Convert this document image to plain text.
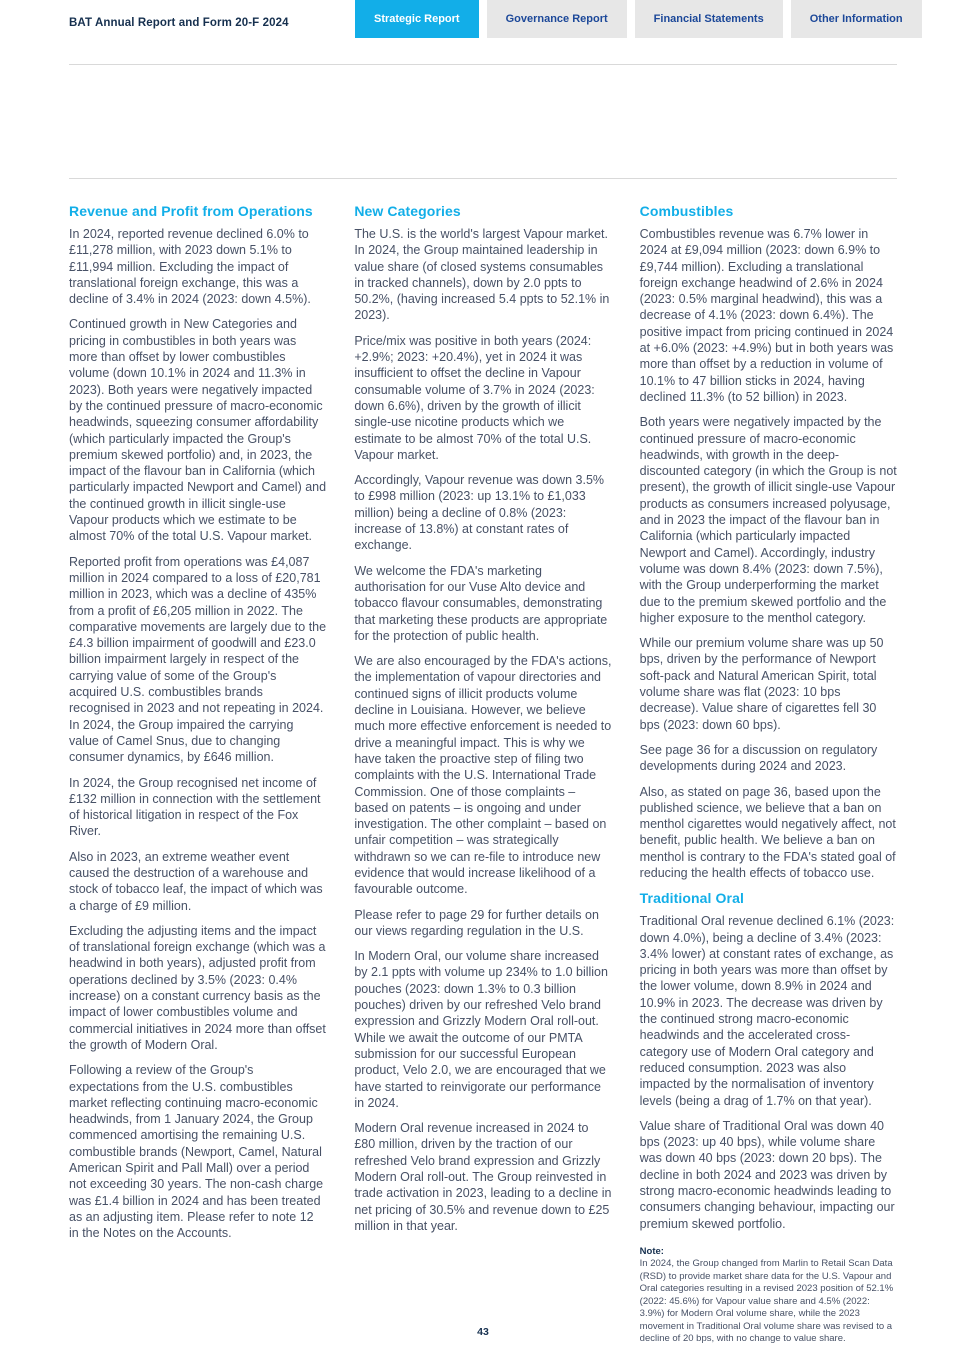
BAT Annual Report and Form 20-F 2024	Strategic Report	Governance Report	Financial Statements	Other Information
Revenue and Profit from Operations

In 2024, reported revenue declined 6.0% to £11,278 million, with 2023 down 5.1% to £11,994 million. Excluding the impact of translational foreign exchange, this was a decline of 3.4% in 2024 (2023: down 4.5%).

Continued growth in New Categories and pricing in combustibles in both years was more than offset by lower combustibles volume (down 10.1% in 2024 and 11.3% in 2023). Both years were negatively impacted by the continued pressure of macro-economic headwinds, squeezing consumer affordability (which particularly impacted the Group's premium skewed portfolio) and, in 2023, the impact of the flavour ban in California (which particularly impacted Newport and Camel) and the continued growth in illicit single-use Vapour products which we estimate to be almost 70% of the total U.S. Vapour market.

Reported profit from operations was £4,087 million in 2024 compared to a loss of £20,781 million in 2023, which was a decline of 435% from a profit of £6,205 million in 2022. The comparative movements are largely due to the £4.3 billion impairment of goodwill and £23.0 billion impairment largely in respect of the carrying value of some of the Group's acquired U.S. combustibles brands recognised in 2023 and not repeating in 2024. In 2024, the Group impaired the carrying value of Camel Snus, due to changing consumer dynamics, by £646 million.

In 2024, the Group recognised net income of £132 million in connection with the settlement of historical litigation in respect of the Fox River.

Also in 2023, an extreme weather event caused the destruction of a warehouse and stock of tobacco leaf, the impact of which was a charge of £9 million.

Excluding the adjusting items and the impact of translational foreign exchange (which was a headwind in both years), adjusted profit from operations declined by 3.5% (2023: 0.4% increase) on a constant currency basis as the impact of lower combustibles volume and commercial initiatives in 2024 more than offset the growth of Modern Oral.

Following a review of the Group's expectations from the U.S. combustibles market reflecting continuing macro-economic headwinds, from 1 January 2024, the Group commenced amortising the remaining U.S. combustible brands (Newport, Camel, Natural American Spirit and Pall Mall) over a period not exceeding 30 years. The non-cash charge was £1.4 billion in 2024 and has been treated as an adjusting item. Please refer to note 12 in the Notes on the Accounts.

New Categories

The U.S. is the world's largest Vapour market. In 2024, the Group maintained leadership in value share (of closed systems consumables in tracked channels), down by 2.0 ppts to 50.2%, (having increased 5.4 ppts to 52.1% in 2023).

Price/mix was positive in both years (2024: +2.9%; 2023: +20.4%), yet in 2024 it was insufficient to offset the decline in Vapour consumable volume of 3.7% in 2024 (2023: down 6.6%), driven by the growth of illicit single-use nicotine products which we estimate to be almost 70% of the total U.S. Vapour market.

Accordingly, Vapour revenue was down 3.5% to £998 million (2023: up 13.1% to £1,033 million) being a decline of 0.8% (2023: increase of 13.8%) at constant rates of exchange.

We welcome the FDA's marketing authorisation for our Vuse Alto device and tobacco flavour consumables, demonstrating that marketing these products are appropriate for the protection of public health.

We are also encouraged by the FDA's actions, the implementation of vapour directories and continued signs of illicit products volume decline in Louisiana. However, we believe much more effective enforcement is needed to drive a meaningful impact. This is why we have taken the proactive step of filing two complaints with the U.S. International Trade Commission. One of those complaints – based on patents – is ongoing and under investigation. The other complaint – based on unfair competition – was strategically withdrawn so we can re-file to introduce new evidence that would increase likelihood of a favourable outcome.

Please refer to page 29 for further details on our views regarding regulation in the U.S.

In Modern Oral, our volume share increased by 2.1 ppts with volume up 234% to 1.0 billion pouches (2023: down 1.3% to 0.3 billion pouches) driven by our refreshed Velo brand expression and Grizzly Modern Oral roll-out. While we await the outcome of our PMTA submission for our successful European product, Velo 2.0, we are encouraged that we have started to reinvigorate our performance in 2024.

Modern Oral revenue increased in 2024 to £80 million, driven by the traction of our refreshed Velo brand expression and Grizzly Modern Oral roll-out. The Group reinvested in trade activation in 2023, leading to a decline in net pricing of 30.5% and revenue down to £25 million in that year.

Combustibles

Combustibles revenue was 6.7% lower in 2024 at £9,094 million (2023: down 6.9% to £9,744 million). Excluding a translational foreign exchange headwind of 2.6% in 2024 (2023: 0.5% marginal headwind), this was a decrease of 4.1% (2023: down 6.4%). The positive impact from pricing continued in 2024 at +6.0% (2023: +4.9%) but in both years was more than offset by a reduction in volume of 10.1% to 47 billion sticks in 2024, having declined 11.3% (to 52 billion) in 2023.

Both years were negatively impacted by the continued pressure of macro-economic headwinds, with growth in the deep-discounted category (in which the Group is not present), the growth of illicit single-use Vapour products as consumers increased polyusage, and in 2023 the impact of the flavour ban in California (which particularly impacted Newport and Camel). Accordingly, industry volume was down 8.4% (2023: down 7.5%), with the Group underperforming the market due to the premium skewed portfolio and the higher exposure to the menthol category.

While our premium volume share was up 50 bps, driven by the performance of Newport soft-pack and Natural American Spirit, total volume share was flat (2023: 10 bps decrease). Value share of cigarettes fell 30 bps (2023: down 60 bps).

See page 36 for a discussion on regulatory developments during 2024 and 2023.

Also, as stated on page 36, based upon the published science, we believe that a ban on menthol cigarettes would negatively affect, not benefit, public health. We believe a ban on menthol is contrary to the FDA's stated goal of reducing the health effects of tobacco use.

Traditional Oral

Traditional Oral revenue declined 6.1% (2023: down 4.0%), being a decline of 3.4% (2023: 3.4% lower) at constant rates of exchange, as pricing in both years was more than offset by the lower volume, down 8.9% in 2024 and 10.9% in 2023. The decrease was driven by the continued strong macro-economic headwinds and the accelerated cross-category use of Modern Oral category and reduced consumption. 2023 was also impacted by the normalisation of inventory levels (being a drag of 1.7% on that year).

Value share of Traditional Oral was down 40 bps (2023: up 40 bps), while volume share was down 40 bps (2023: down 20 bps). The decline in both 2024 and 2023 was driven by strong macro-economic headwinds leading to consumers changing behaviour, impacting our premium skewed portfolio.

Note:
In 2024, the Group changed from Marlin to Retail Scan Data (RSD) to provide market share data for the U.S. Vapour and Oral categories resulting in a revised 2023 position of 52.1% (2022: 45.6%) for Vapour value share and 4.5% (2022: 3.9%) for Modern Oral volume share, while the 2023 movement in Traditional Oral volume share was revised to a decline of 20 bps, with no change to value share.
43
